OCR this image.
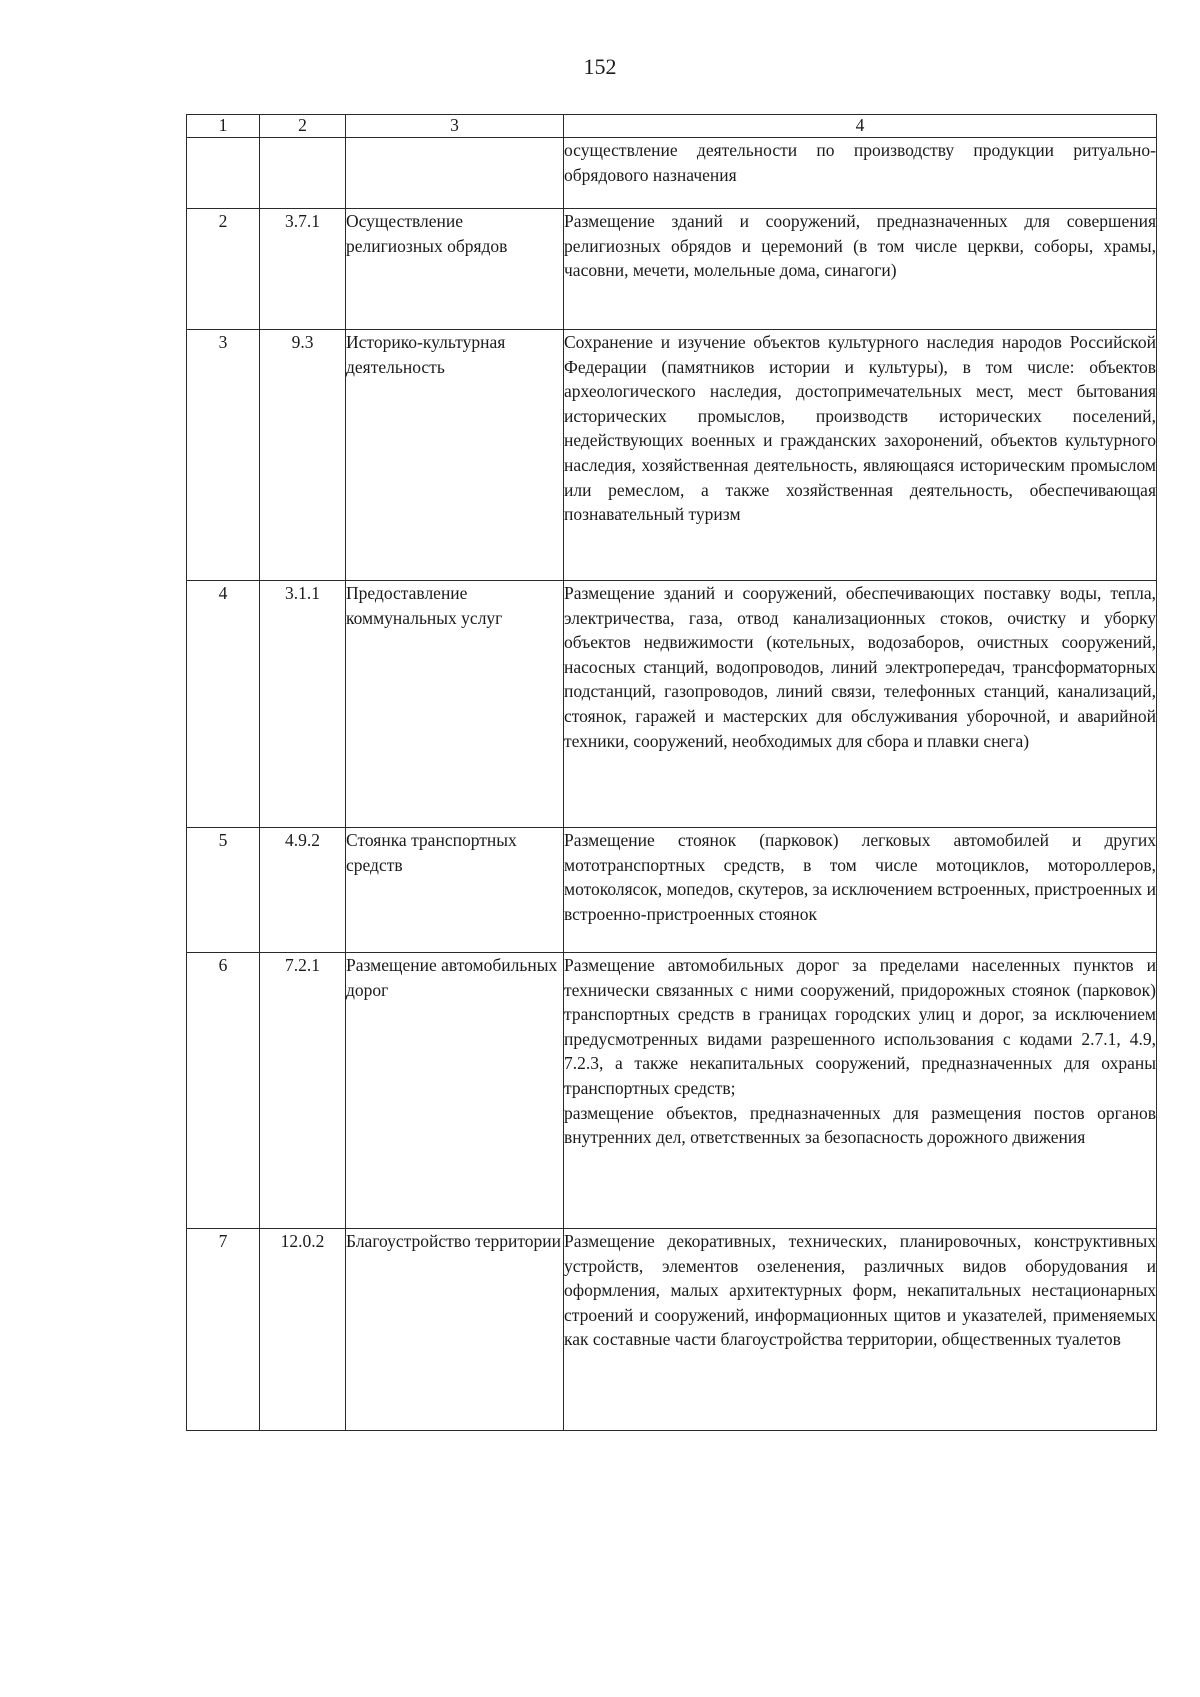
152
1	2	3	4

			осуществление деятельности по производству продукции ритуально-обрядового назначения

2	3.7.1	Осуществление религиозных обрядов	Размещение зданий и сооружений, предназначенных для совершения религиозных обрядов и церемоний (в том числе церкви, соборы, храмы, часовни, мечети, молельные дома, синагоги)

3	9.3	Историко-культурная деятельность	Сохранение и изучение объектов культурного наследия народов Российской Федерации (памятников истории и культуры), в том числе: объектов археологического наследия, достопримечательных мест, мест бытования исторических промыслов, производств исторических поселений, недействующих военных и гражданских захоронений, объектов культурного наследия, хозяйственная деятельность, являющаяся историческим промыслом или ремеслом, а также хозяйственная деятельность, обеспечивающая познавательный туризм

4	3.1.1	Предоставление коммунальных услуг	Размещение зданий и сооружений, обеспечивающих поставку воды, тепла, электричества, газа, отвод канализационных стоков, очистку и уборку объектов недвижимости (котельных, водозаборов, очистных сооружений, насосных станций, водопроводов, линий электропередач, трансформаторных подстанций, газопроводов, линий связи, телефонных станций, канализаций, стоянок, гаражей и мастерских для обслуживания уборочной, и аварийной техники, сооружений, необходимых для сбора и плавки снега)

5	4.9.2	Стоянка транспортных средств	Размещение стоянок (парковок) легковых автомобилей и других мототранспортных средств, в том числе мотоциклов, мотороллеров, мотоколясок, мопедов, скутеров, за исключением встроенных, пристроенных и встроенно-пристроенных стоянок

6	7.2.1	Размещение автомобильных дорог	Размещение автомобильных дорог за пределами населенных пунктов и технически связанных с ними сооружений, придорожных стоянок (парковок) транспортных средств в границах городских улиц и дорог, за исключением предусмотренных видами разрешенного использования с кодами 2.7.1, 4.9, 7.2.3, а также некапитальных сооружений, предназначенных для охраны транспортных средств;

размещение объектов, предназначенных для размещения постов органов внутренних дел, ответственных за безопасность дорожного движения

7	12.0.2	Благоустройство территории	Размещение декоративных, технических, планировочных, конструктивных устройств, элементов озеленения, различных видов оборудования и оформления, малых архитектурных форм, некапитальных нестационарных строений и сооружений, информационных щитов и указателей, применяемых как составные части благоустройства территории, общественных туалетов
